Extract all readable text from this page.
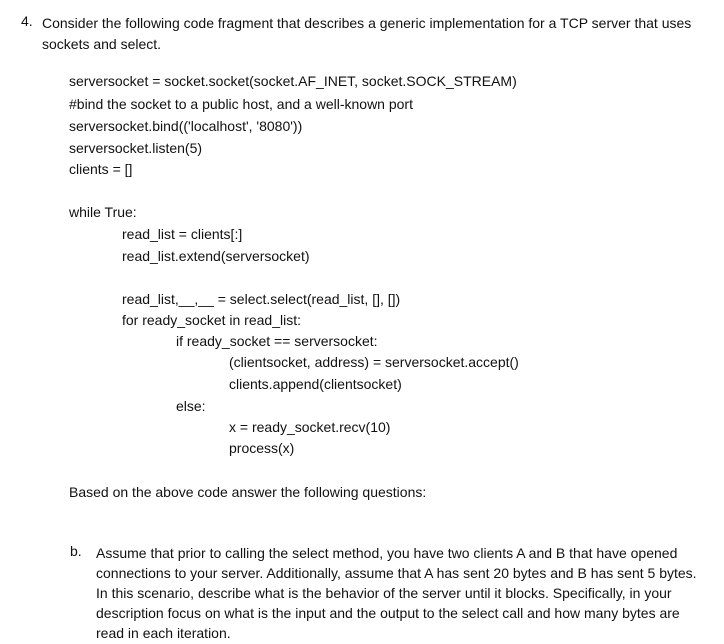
4. Consider the following code fragment that describes a generic implementation for a TCP server that uses sockets and select.
serversocket = socket.socket(socket.AF_INET, socket.SOCK_STREAM)
#bind the socket to a public host, and a well-known port
serversocket.bind(('localhost', '8080'))
serversocket.listen(5)
clients = []
while True:
read_list = clients[:]
read_list.extend(serversocket)
read_list,__,__ = select.select(read_list, [], [])
for ready_socket in read_list:
if ready_socket == serversocket:
(clientsocket, address) = serversocket.accept()
clients.append(clientsocket)
else:
x = ready_socket.recv(10)
process(x)
Based on the above code answer the following questions:
b. Assume that prior to calling the select method, you have two clients A and B that have opened connections to your server. Additionally, assume that A has sent 20 bytes and B has sent 5 bytes. In this scenario, describe what is the behavior of the server until it blocks. Specifically, in your description focus on what is the input and the output to the select call and how many bytes are read in each iteration.
